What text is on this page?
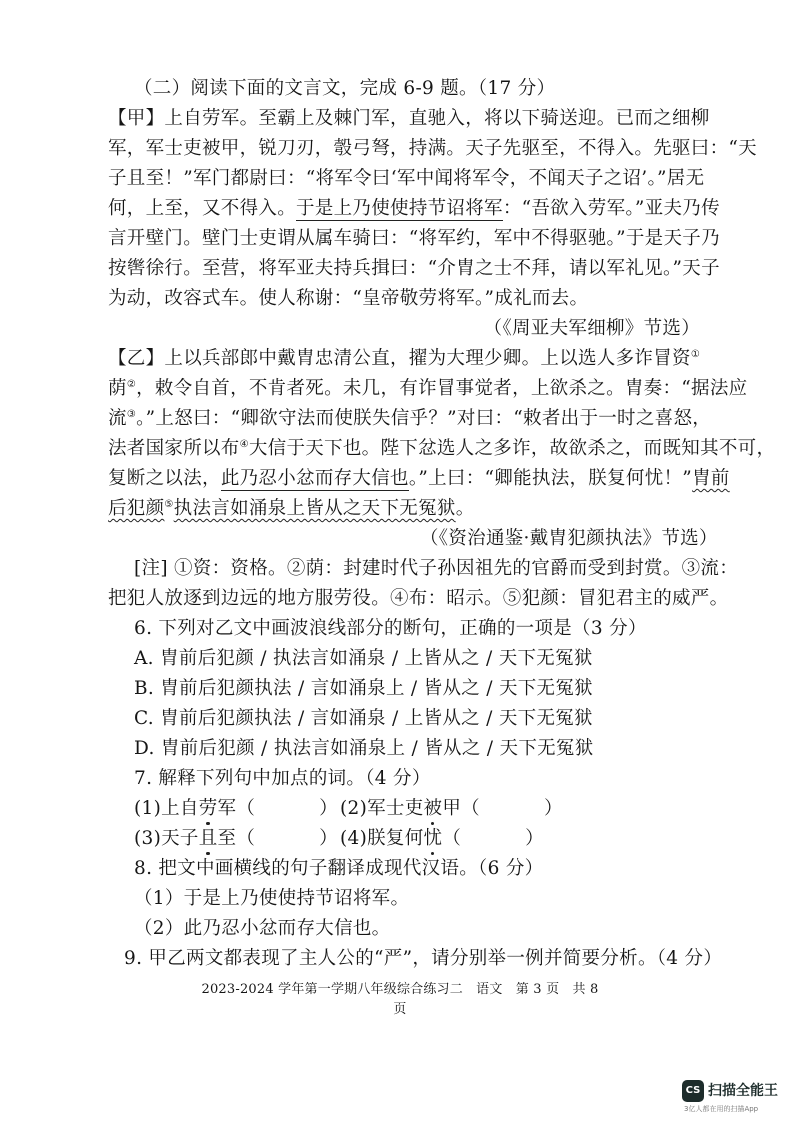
（二）阅读下面的文言文，完成 6-9 题。（17 分）
【甲】上自劳军。至霸上及棘门军，直驰入，将以下骑送迎。已而之细柳
军，军士吏被甲，锐刀刃，彀弓弩，持满。天子先驱至，不得入。先驱曰：“天
子且至！”军门都尉曰：“将军令曰‘军中闻将军令，不闻天子之诏’。”居无
何，上至，又不得入。于是上乃使使持节诏将军：“吾欲入劳军。”亚夫乃传
言开壁门。壁门士吏谓从属车骑曰：“将军约，军中不得驱驰。”于是天子乃
按辔徐行。至营，将军亚夫持兵揖曰：“介胄之士不拜，请以军礼见。”天子
为动，改容式车。使人称谢：“皇帝敬劳将军。”成礼而去。
（《周亚夫军细柳》节选）
【乙】上以兵部郎中戴胄忠清公直，擢为大理少卿。上以选人多诈冒资①
荫②，敕令自首，不肯者死。未几，有诈冒事觉者，上欲杀之。胄奏：“据法应
流③。”上怒曰：“卿欲守法而使朕失信乎？”对曰：“敕者出于一时之喜怒，
法者国家所以布④大信于天下也。陛下忿选人之多诈，故欲杀之，而既知其不可，
复断之以法，此乃忍小忿而存大信也。”上曰：“卿能执法，朕复何忧！”胄前
后犯颜⑤执法言如涌泉上皆从之天下无冤狱。
（《资治通鉴·戴胄犯颜执法》节选）
[注] ①资：资格。②荫：封建时代子孙因祖先的官爵而受到封赏。③流：
把犯人放逐到边远的地方服劳役。④布：昭示。⑤犯颜：冒犯君主的威严。
6. 下列对乙文中画波浪线部分的断句，正确的一项是（3 分）
A. 胄前后犯颜 / 执法言如涌泉 / 上皆从之 / 天下无冤狱
B. 胄前后犯颜执法 / 言如涌泉上 / 皆从之 / 天下无冤狱
C. 胄前后犯颜执法 / 言如涌泉 / 上皆从之 / 天下无冤狱
D. 胄前后犯颜 / 执法言如涌泉上 / 皆从之 / 天下无冤狱
7. 解释下列句中加点的词。（4 分）
(1)上自劳军（	） (2)军士吏被甲（	）
(3)天子且至（	） (4)朕复何忧（	）
8. 把文中画横线的句子翻译成现代汉语。（6 分）
（1）于是上乃使使持节诏将军。
（2）此乃忍小忿而存大信也。
9. 甲乙两文都表现了主人公的“严”，请分别举一例并简要分析。（4 分）
2023-2024 学年第一学期八年级综合练习二　语文　第 3 页　共 8 页
CS 扫描全能王
3亿人都在用的扫描App
